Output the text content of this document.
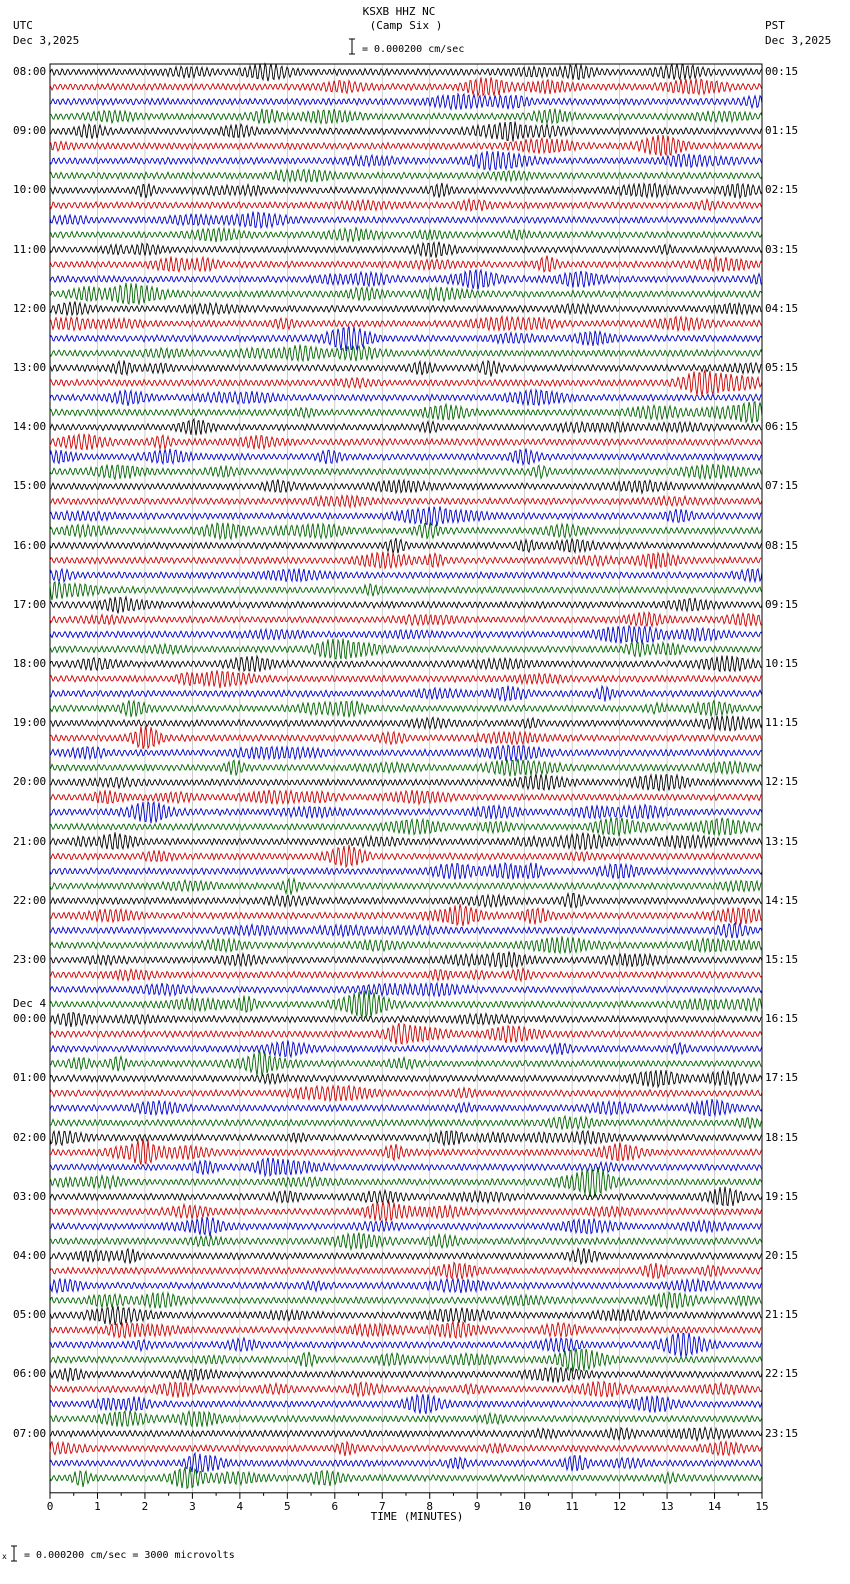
KSXB HHZ NC
(Camp Six )
UTC
Dec 3,2025
PST
Dec 3,2025
= 0.000200 cm/sec
08:00
09:00
10:00
11:00
12:00
13:00
14:00
15:00
16:00
17:00
18:00
19:00
20:00
21:00
22:00
23:00
00:00
Dec 4
01:00
02:00
03:00
04:00
05:00
06:00
07:00
00:15
01:15
02:15
03:15
04:15
05:15
06:15
07:15
08:15
09:15
10:15
11:15
12:15
13:15
14:15
15:15
16:15
17:15
18:15
19:15
20:15
21:15
22:15
23:15
0	1	2	3	4	5	6	7	8	9	10	11	12	13	14	15
TIME (MINUTES)
x = 0.000200 cm/sec = 3000 microvolts
